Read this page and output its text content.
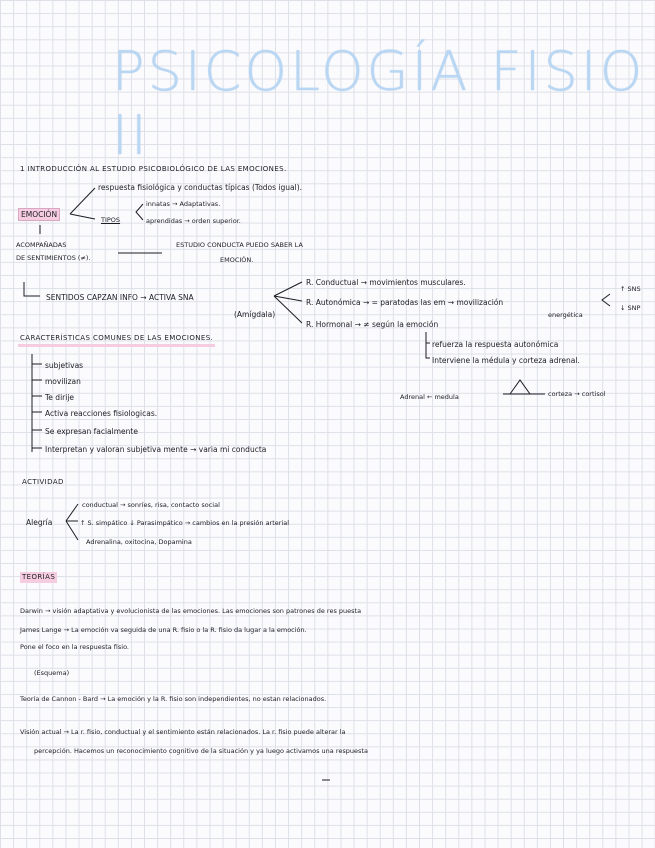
PSICOLOGÍA FISIO II
1 INTRODUCCIÓN AL ESTUDIO PSICOBIOLÓGICO DE LAS EMOCIONES.
EMOCIÓN
respuesta fisiológica y conductas típicas (Todos igual).
TIPOS
innatas → Adaptativas.
aprendidas → orden superior.
ACOMPAÑADAS
DE SENTIMIENTOS (≠).
ESTUDIO CONDUCTA PUEDO SABER LA
EMOCIÓN.
SENTIDOS CAPZAN INFO → ACTIVA SNA
(Amígdala)
R. Conductual → movimientos musculares.
R. Autonómica → = paratodas las em → movilización
energética
↑ SNS
↓ SNP
R. Hormonal → ≠ según la emoción
refuerza la respuesta autonómica
Interviene la médula y corteza adrenal.
Adrenal ← medula	corteza → cortisol
CARACTERÍSTICAS COMUNES DE LAS EMOCIONES.
subjetivas
movilizan
Te dirije
Activa reacciones fisiologicas.
Se expresan facialmente
Interpretan y valoran subjetiva mente → varia mi conducta
ACTIVIDAD
Alegría
conductual → sonríes, risa, contacto social
↑ S. simpático ↓ Parasimpático → cambios en la presión arterial
Adrenalina, oxitocina, Dopamina
TEORÍAS
Darwin → visión adaptativa y evolucionista de las emociones. Las emociones son patrones de res puesta
James Lange → La emoción va seguida de una R. fisio o la R. fisio da lugar a la emoción.
Pone el foco en la respuesta fisio.
(Esquema)
Teoría de Cannon - Bard → La emoción y la R. fisio son independientes, no estan relacionados.
Visión actual → La r. fisio, conductual y el sentimiento están relacionados. La r. fisio puede alterar la
percepción. Hacemos un reconocimiento cognitivo de la situación y ya luego activamos una respuesta
